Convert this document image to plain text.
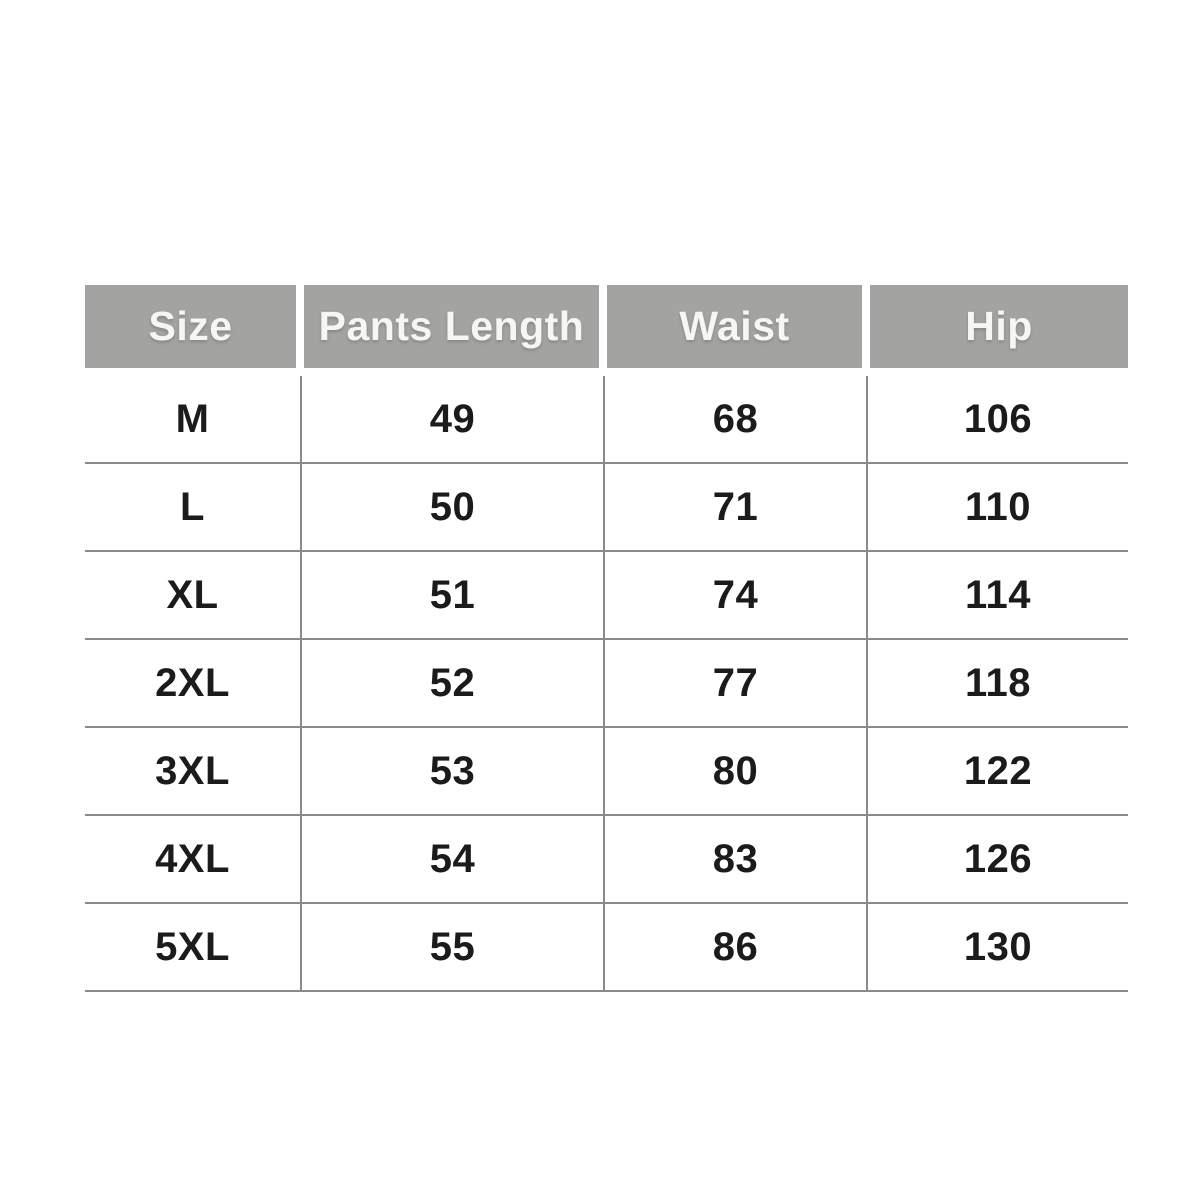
Size	Pants Length	Waist	Hip
M	49	68	106
L	50	71	110
XL	51	74	114
2XL	52	77	118
3XL	53	80	122
4XL	54	83	126
5XL	55	86	130
